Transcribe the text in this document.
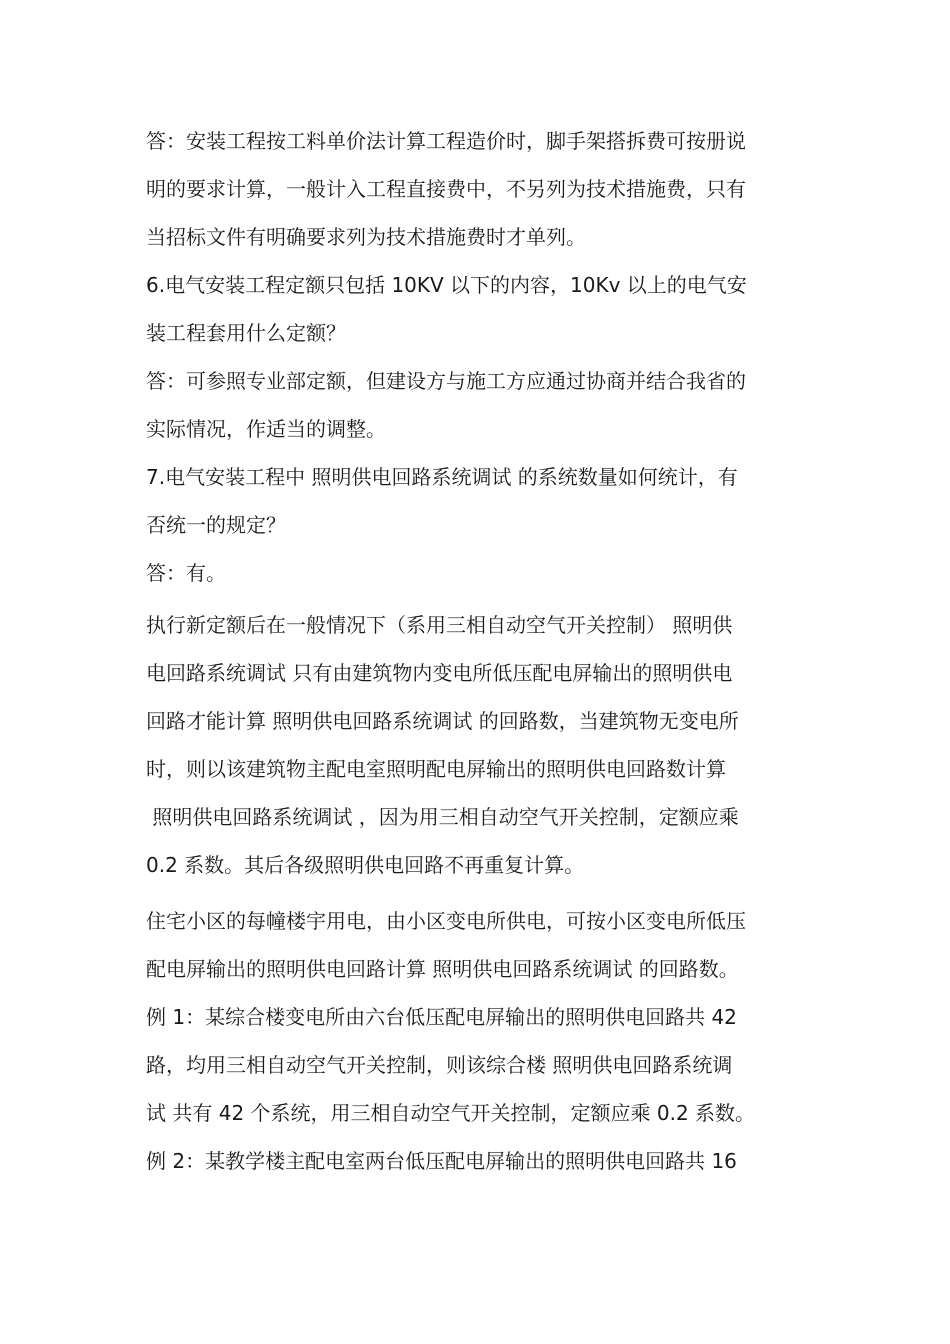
答：安装工程按工料单价法计算工程造价时，脚手架搭拆费可按册说
明的要求计算，一般计入工程直接费中，不另列为技术措施费，只有
当招标文件有明确要求列为技术措施费时才单列。
6.电气安装工程定额只包括 10KV 以下的内容，10Kv 以上的电气安
装工程套用什么定额？
答：可参照专业部定额，但建设方与施工方应通过协商并结合我省的
实际情况，作适当的调整。
7.电气安装工程中 照明供电回路系统调试 的系统数量如何统计，有
否统一的规定？
答：有。
执行新定额后在一般情况下（系用三相自动空气开关控制） 照明供
电回路系统调试 只有由建筑物内变电所低压配电屏输出的照明供电
回路才能计算 照明供电回路系统调试 的回路数，当建筑物无变电所
时，则以该建筑物主配电室照明配电屏输出的照明供电回路数计算
照明供电回路系统调试 ，因为用三相自动空气开关控制，定额应乘
0.2 系数。其后各级照明供电回路不再重复计算。
住宅小区的每幢楼宇用电，由小区变电所供电，可按小区变电所低压
配电屏输出的照明供电回路计算 照明供电回路系统调试 的回路数。
例 1：某综合楼变电所由六台低压配电屏输出的照明供电回路共 42
路，均用三相自动空气开关控制，则该综合楼 照明供电回路系统调
试 共有 42 个系统，用三相自动空气开关控制，定额应乘 0.2 系数。
例 2：某教学楼主配电室两台低压配电屏输出的照明供电回路共 16
